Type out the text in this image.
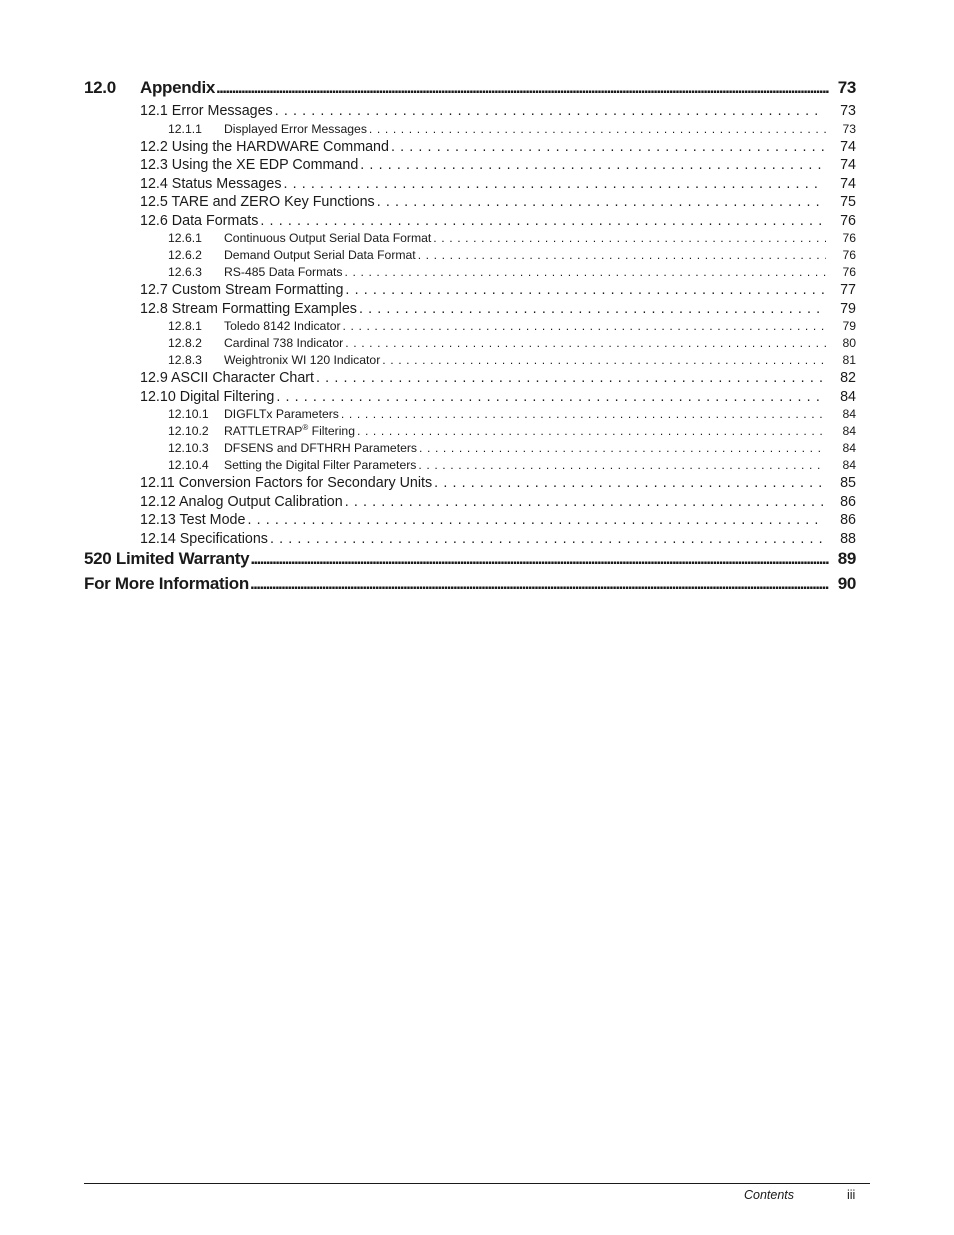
12.0	Appendix .....	73
12.1 Error Messages . . .	73
12.1.1	Displayed Error Messages . . .	73
12.2 Using the HARDWARE Command . . .	74
12.3 Using the XE EDP Command . . .	74
12.4 Status Messages . . .	74
12.5 TARE and ZERO Key Functions . . .	75
12.6 Data Formats . . .	76
12.6.1	Continuous Output Serial Data Format . . .	76
12.6.2	Demand Output Serial Data Format . . .	76
12.6.3	RS-485 Data Formats . . .	76
12.7 Custom Stream Formatting . . .	77
12.8 Stream Formatting Examples . . .	79
12.8.1	Toledo 8142 Indicator . . .	79
12.8.2	Cardinal 738 Indicator . . .	80
12.8.3	Weightronix WI 120 Indicator . . .	81
12.9 ASCII Character Chart . . .	82
12.10 Digital Filtering . . .	84
12.10.1	DIGFLTx Parameters . . .	84
12.10.2	RATTLETRAP® Filtering . . .	84
12.10.3	DFSENS and DFTHRH Parameters . . .	84
12.10.4	Setting the Digital Filter Parameters . . .	84
12.11 Conversion Factors for Secondary Units . . .	85
12.12 Analog Output Calibration . . .	86
12.13 Test Mode . . .	86
12.14 Specifications . . .	88
520 Limited Warranty .....	89
For More Information .....	90
Contents	iii
